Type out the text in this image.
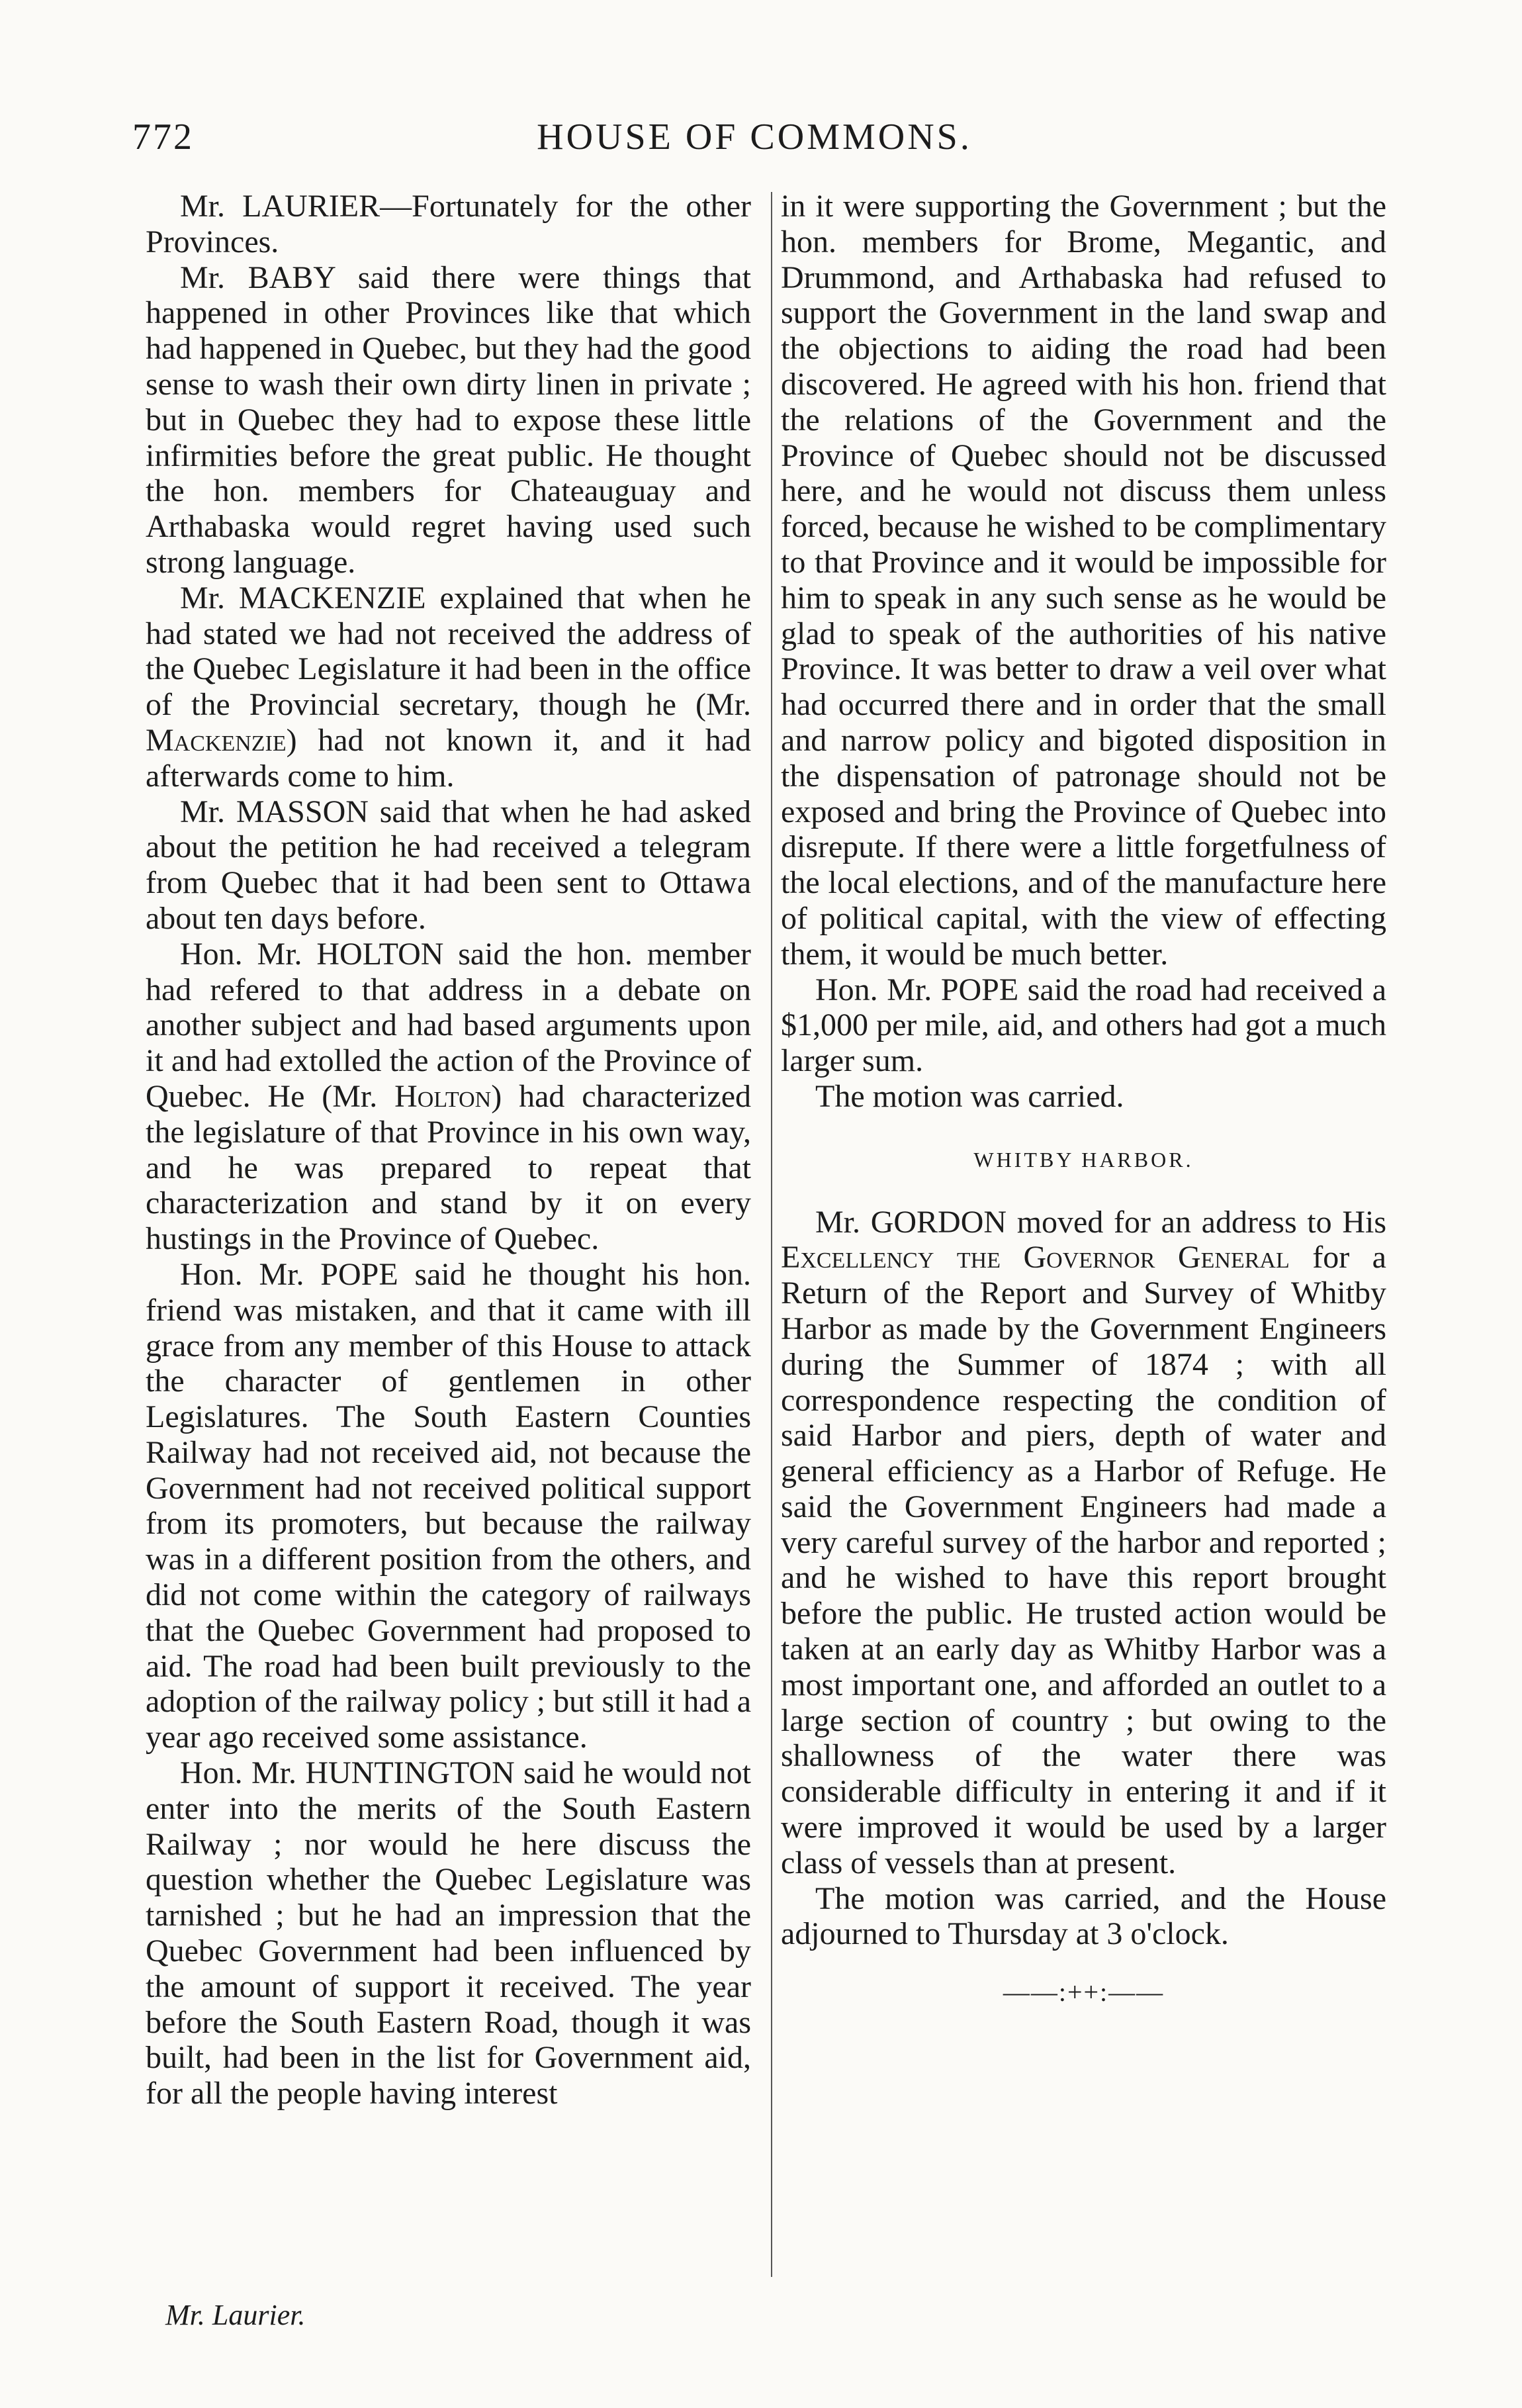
772	HOUSE OF COMMONS.

Mr. LAURIER—Fortunately for the other Provinces.

Mr. BABY said there were things that happened in other Provinces like that which had happened in Quebec, but they had the good sense to wash their own dirty linen in private ; but in Quebec they had to expose these little infirmities before the great public. He thought the hon. members for Chateauguay and Arthabaska would regret having used such strong language.

Mr. MACKENZIE explained that when he had stated we had not received the address of the Quebec Legislature it had been in the office of the Provincial secretary, though he (Mr. Mackenzie) had not known it, and it had afterwards come to him.

Mr. MASSON said that when he had asked about the petition he had received a telegram from Quebec that it had been sent to Ottawa about ten days before.

Hon. Mr. HOLTON said the hon. member had refered to that address in a debate on another subject and had based arguments upon it and had extolled the action of the Province of Quebec. He (Mr. Holton) had characterized the legislature of that Province in his own way, and he was prepared to repeat that characterization and stand by it on every hustings in the Province of Quebec.

Hon. Mr. POPE said he thought his hon. friend was mistaken, and that it came with ill grace from any member of this House to attack the character of gentlemen in other Legislatures. The South Eastern Counties Railway had not received aid, not because the Government had not received political support from its promoters, but because the railway was in a different position from the others, and did not come within the category of railways that the Quebec Government had proposed to aid. The road had been built previously to the adoption of the railway policy ; but still it had a year ago received some assistance.

Hon. Mr. HUNTINGTON said he would not enter into the merits of the South Eastern Railway ; nor would he here discuss the question whether the Quebec Legislature was tarnished ; but he had an impression that the Quebec Government had been influenced by the amount of support it received. The year before the South Eastern Road, though it was built, had been in the list for Government aid, for all the people having interest

in it were supporting the Government ; but the hon. members for Brome, Megantic, and Drummond, and Arthabaska had refused to support the Government in the land swap and the objections to aiding the road had been discovered. He agreed with his hon. friend that the relations of the Government and the Province of Quebec should not be discussed here, and he would not discuss them unless forced, because he wished to be complimentary to that Province and it would be impossible for him to speak in any such sense as he would be glad to speak of the authorities of his native Province. It was better to draw a veil over what had occurred there and in order that the small and narrow policy and bigoted disposition in the dispensation of patronage should not be exposed and bring the Province of Quebec into disrepute. If there were a little forgetfulness of the local elections, and of the manufacture here of political capital, with the view of effecting them, it would be much better.

Hon. Mr. POPE said the road had received a $1,000 per mile, aid, and others had got a much larger sum.

The motion was carried.

WHITBY HARBOR.

Mr. GORDON moved for an address to His Excellency the Governor General for a Return of the Report and Survey of Whitby Harbor as made by the Government Engineers during the Summer of 1874 ; with all correspondence respecting the condition of said Harbor and piers, depth of water and general efficiency as a Harbor of Refuge. He said the Government Engineers had made a very careful survey of the harbor and reported ; and he wished to have this report brought before the public. He trusted action would be taken at an early day as Whitby Harbor was a most important one, and afforded an outlet to a large section of country ; but owing to the shallowness of the water there was considerable difficulty in entering it and if it were improved it would be used by a larger class of vessels than at present.

The motion was carried, and the House adjourned to Thursday at 3 o'clock.

——:++:——
Mr. Laurier.
